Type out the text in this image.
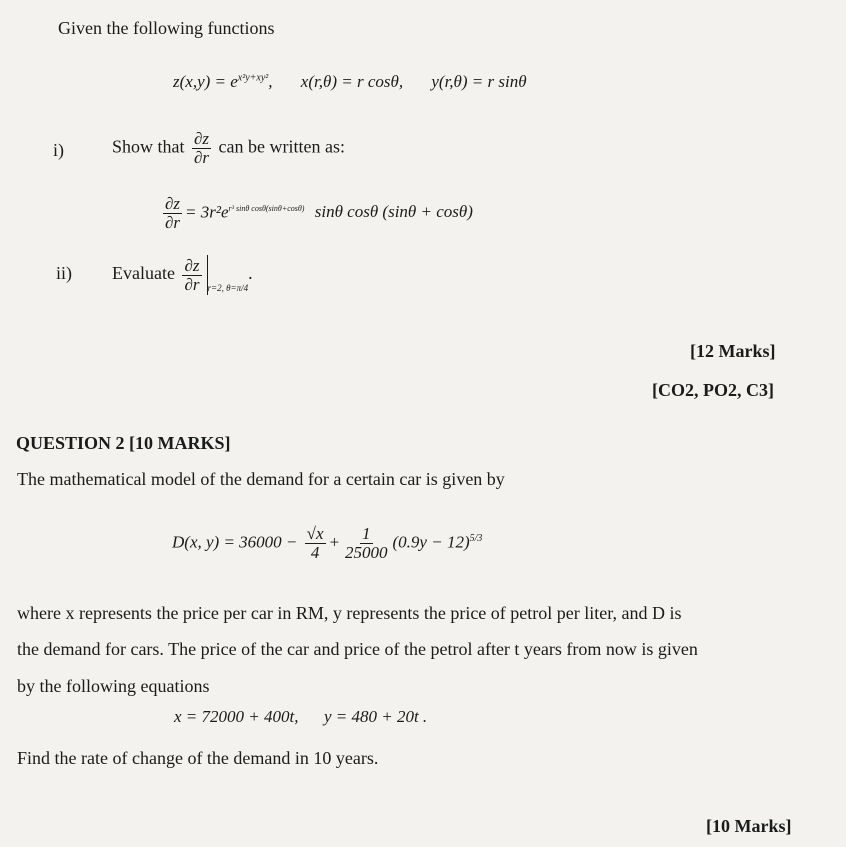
Given the following functions
$z(x,y) = e^{x^2y+xy^2}$, x(r,θ) = r cosθ, y(r,θ) = r sinθ
i)	Show that $\frac{\partial z}{\partial r}$ can be written as:
$\frac{\partial z}{\partial r} = 3r^2e^{r^3 sin\theta cos\theta(sin\theta+cos\theta)}$ sinθ cosθ (sinθ + cosθ)
ii) Evaluate $\frac{\partial z}{\partial r} _{r=2, \theta=\pi/4}$.
[12 Marks]
[CO2, PO2, C3]
QUESTION 2 [10 MARKS]
The mathematical model of the demand for a certain car is given by
D(x, $y) = 36000 - \frac{√x}{4} + \frac{1}{25000} (0.9y - 12)^{5/3}$
where x represents the price per car in RM, y represents the price of petrol per liter, and D is
the demand for cars. The price of the car and price of the petrol after t years from now is given
by the following equations
x = 72000 + 400t,      y = 480 + 20t .
Find the rate of change of the demand in 10 years.
[10 Marks]
